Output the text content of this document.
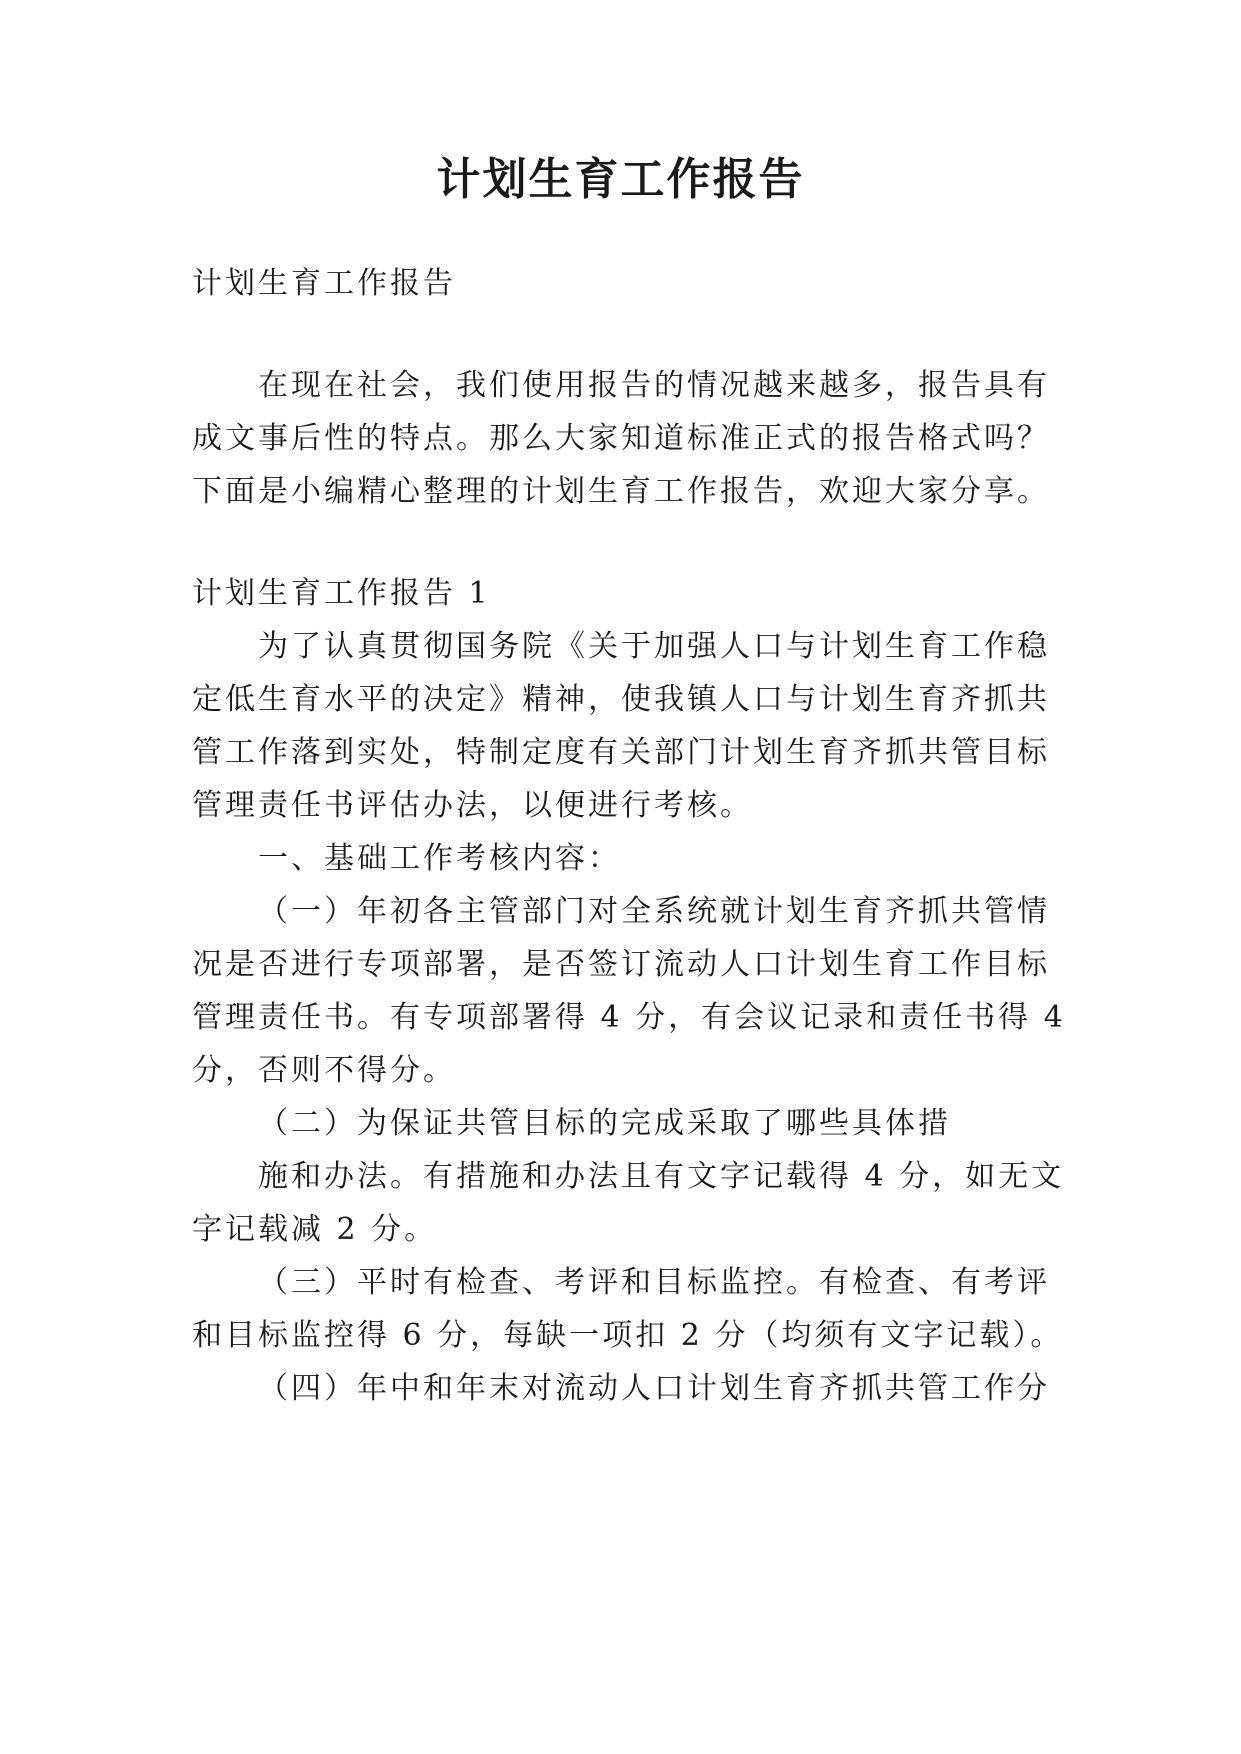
计划生育工作报告

计划生育工作报告

在现在社会，我们使用报告的情况越来越多，报告具有

成文事后性的特点。那么大家知道标准正式的报告格式吗？

下面是小编精心整理的计划生育工作报告，欢迎大家分享。

计划生育工作报告 1

为了认真贯彻国务院《关于加强人口与计划生育工作稳

定低生育水平的决定》精神，使我镇人口与计划生育齐抓共

管工作落到实处，特制定度有关部门计划生育齐抓共管目标

管理责任书评估办法，以便进行考核。

一、基础工作考核内容：

（一）年初各主管部门对全系统就计划生育齐抓共管情

况是否进行专项部署，是否签订流动人口计划生育工作目标

管理责任书。有专项部署得 4 分，有会议记录和责任书得 4

分，否则不得分。

（二）为保证共管目标的完成采取了哪些具体措

施和办法。有措施和办法且有文字记载得 4 分，如无文

字记载减 2 分。

（三）平时有检查、考评和目标监控。有检查、有考评

和目标监控得 6 分，每缺一项扣 2 分（均须有文字记载）。

（四）年中和年末对流动人口计划生育齐抓共管工作分
